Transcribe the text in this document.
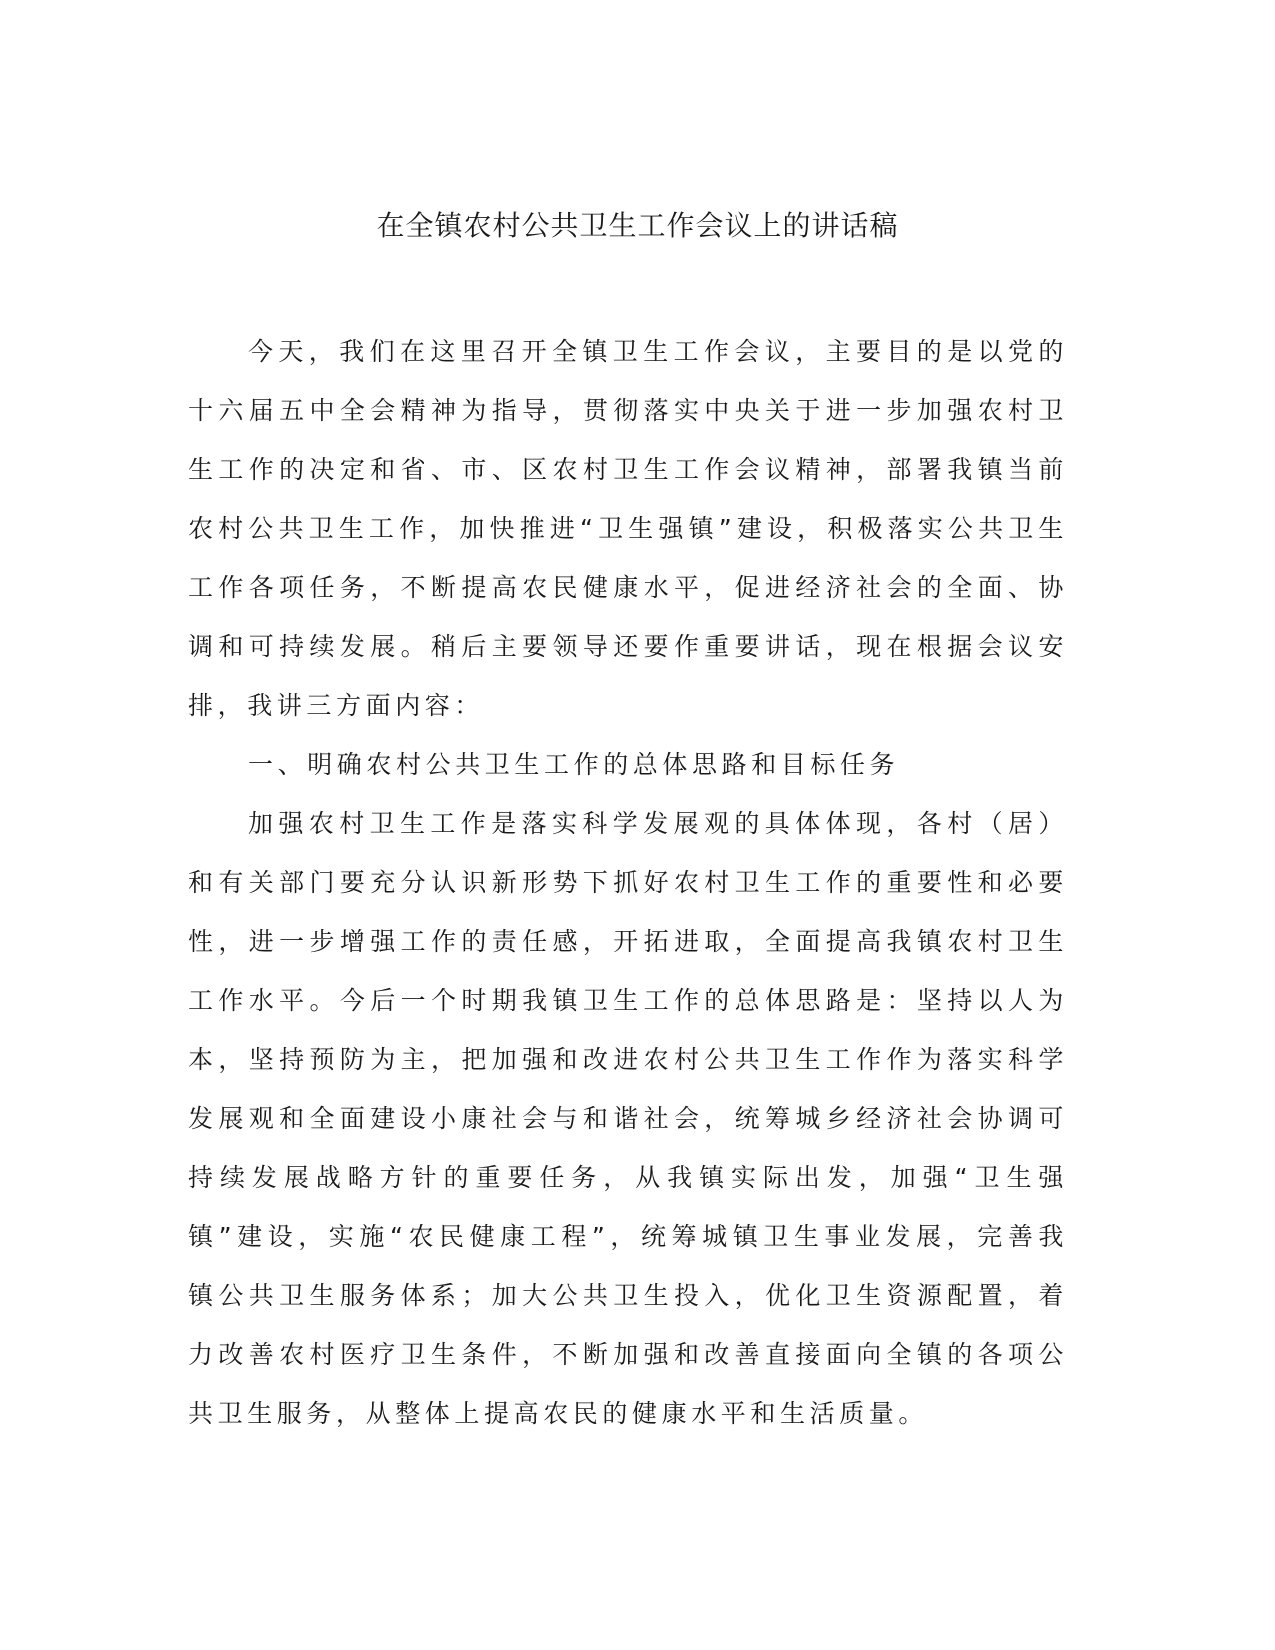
在全镇农村公共卫生工作会议上的讲话稿

今天，我们在这里召开全镇卫生工作会议，主要目的是以党的十六届五中全会精神为指导，贯彻落实中央关于进一步加强农村卫生工作的决定和省、市、区农村卫生工作会议精神，部署我镇当前农村公共卫生工作，加快推进“卫生强镇”建设，积极落实公共卫生工作各项任务，不断提高农民健康水平，促进经济社会的全面、协调和可持续发展。稍后主要领导还要作重要讲话，现在根据会议安排，我讲三方面内容：

一、明确农村公共卫生工作的总体思路和目标任务

加强农村卫生工作是落实科学发展观的具体体现，各村（居）和有关部门要充分认识新形势下抓好农村卫生工作的重要性和必要性，进一步增强工作的责任感，开拓进取，全面提高我镇农村卫生工作水平。今后一个时期我镇卫生工作的总体思路是：坚持以人为本，坚持预防为主，把加强和改进农村公共卫生工作作为落实科学发展观和全面建设小康社会与和谐社会，统筹城乡经济社会协调可持续发展战略方针的重要任务，从我镇实际出发，加强“卫生强镇”建设，实施“农民健康工程”，统筹城镇卫生事业发展，完善我镇公共卫生服务体系；加大公共卫生投入，优化卫生资源配置，着力改善农村医疗卫生条件，不断加强和改善直接面向全镇的各项公共卫生服务，从整体上提高农民的健康水平和生活质量。
